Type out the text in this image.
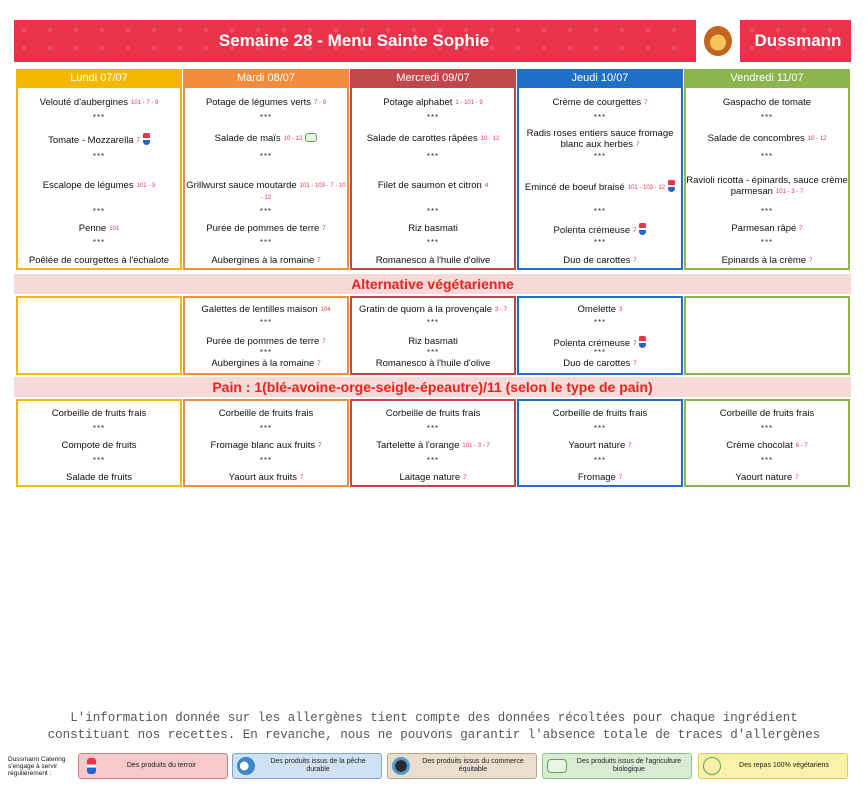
Semaine 28 - Menu Sainte Sophie	Dussmann
Lundi 07/07
Velouté d'aubergines 101 - 7 - 9
Tomate - Mozzarella 7
Escalope de légumes 101 - 3
Penne 101
Poêlée de courgettes à l'échalote
***
***
***
***
Corbeille de fruits frais
Compote de fruits
Salade de fruits
***
***
Mardi 08/07
Potage de légumes verts 7 - 9
Salade de maïs 10 - 12
Grillwurst sauce moutarde 101 - 103 - 7 - 10 - 12
Purée de pommes de terre 7
Aubergines à la romaine 7
***
***
***
***
Galettes de lentilles maison 104
Purée de pommes de terre 7
Aubergines à la romaine 7
***
***
Corbeille de fruits frais
Fromage blanc aux fruits 7
Yaourt aux fruits 7
***
***
Mercredi 09/07
Potage alphabet 1 - 101 - 9
Salade de carottes râpées 10 - 12
Filet de saumon et citron 4
Riz basmati
Romanesco à l'huile d'olive
***
***
***
***
Gratin de quorn à la provençale 3 - 7
Riz basmati
Romanesco à l'huile d'olive
***
***
Corbeille de fruits frais
Tartelette à l'orange 101 - 3 - 7
Laitage nature 7
***
***
Jeudi 10/07
Crème de courgettes 7
Radis roses entiers sauce fromage blanc aux herbes 7
Emincé de boeuf braisé 101 - 103 - 12
Polenta crémeuse 7
Duo de carottes 7
***
***
***
***
Omelette 3
Polenta crémeuse 7
Duo de carottes 7
***
***
Corbeille de fruits frais
Yaourt nature 7
Fromage 7
***
***
Vendredi 11/07
Gaspacho de tomate
Salade de concombres 10 - 12
Ravioli ricotta - épinards, sauce crème parmesan 101 - 3 - 7
Parmesan râpé 7
Epinards à la crème 7
***
***
***
***
Corbeille de fruits frais
Crème chocolat 6 - 7
Yaourt nature 7
***
***
Alternative végétarienne
Pain : 1(blé-avoine-orge-seigle-épeautre)/11 (selon le type de pain)
L'information donnée sur les allergènes tient compte des données récoltées pour chaque ingrédient
constituant nos recettes. En revanche, nous ne pouvons garantir l'absence totale de traces d'allergènes
Dussmann Catering s'engage à servir régulièrement :
Des produits du terroir
Des produits issus de la pêche durable
Des produits issus du commerce équitable
Des produits issus de l'agriculture biologique
Des repas 100% végétariens
